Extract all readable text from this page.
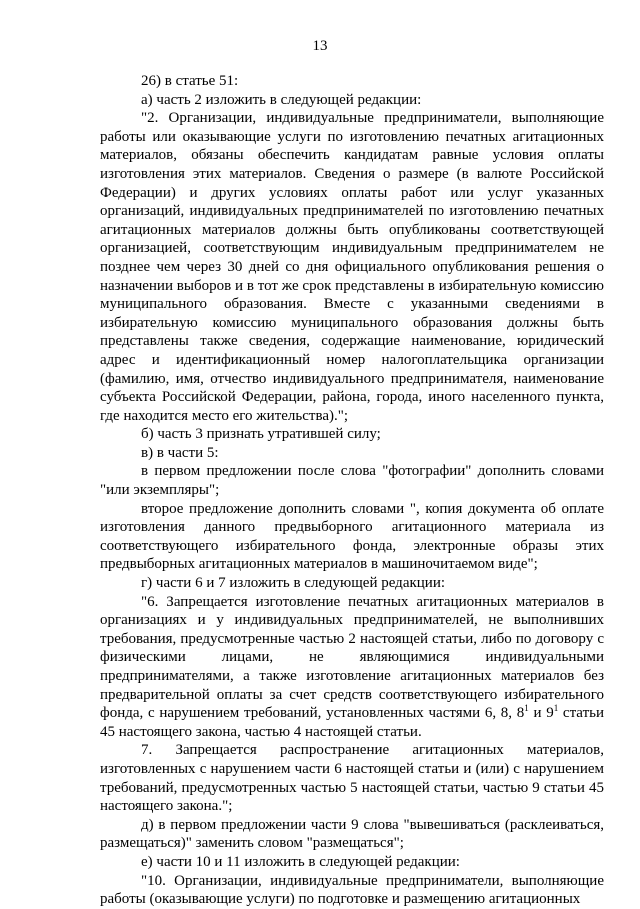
13

26) в статье 51:

а) часть 2 изложить в следующей редакции:

"2. Организации, индивидуальные предприниматели, выполняющие работы или оказывающие услуги по изготовлению печатных агитационных материалов, обязаны обеспечить кандидатам равные условия оплаты изготовления этих материалов. Сведения о размере (в валюте Российской Федерации) и других условиях оплаты работ или услуг указанных организаций, индивидуальных предпринимателей по изготовлению печатных агитационных материалов должны быть опубликованы соответствующей организацией, соответствующим индивидуальным предпринимателем не позднее чем через 30 дней со дня официального опубликования решения о назначении выборов и в тот же срок представлены в избирательную комиссию муниципального образования. Вместе с указанными сведениями в избирательную комиссию муниципального образования должны быть представлены также сведения, содержащие наименование, юридический адрес и идентификационный номер налогоплательщика организации (фамилию, имя, отчество индивидуального предпринимателя, наименование субъекта Российской Федерации, района, города, иного населенного пункта, где находится место его жительства).";

б) часть 3 признать утратившей силу;

в) в части 5:

в первом предложении после слова "фотографии" дополнить словами "или экземпляры";

второе предложение дополнить словами ", копия документа об оплате изготовления данного предвыборного агитационного материала из соответствующего избирательного фонда, электронные образы этих предвыборных агитационных материалов в машиночитаемом виде";

г) части 6 и 7 изложить в следующей редакции:

"6. Запрещается изготовление печатных агитационных материалов в организациях и у индивидуальных предпринимателей, не выполнивших требования, предусмотренные частью 2 настоящей статьи, либо по договору с физическими лицами, не являющимися индивидуальными предпринимателями, а также изготовление агитационных материалов без предварительной оплаты за счет средств соответствующего избирательного фонда, с нарушением требований, установленных частями 6, 8, $8^1$ и $9^1$ статьи 45 настоящего закона, частью 4 настоящей статьи.

7. Запрещается распространение агитационных материалов, изготовленных с нарушением части 6 настоящей статьи и (или) с нарушением требований, предусмотренных частью 5 настоящей статьи, частью 9 статьи 45 настоящего закона.";

д) в первом предложении части 9 слова "вывешиваться (расклеиваться, размещаться)" заменить словом "размещаться";

е) части 10 и 11 изложить в следующей редакции:

"10. Организации, индивидуальные предприниматели, выполняющие работы (оказывающие услуги) по подготовке и размещению агитационных
